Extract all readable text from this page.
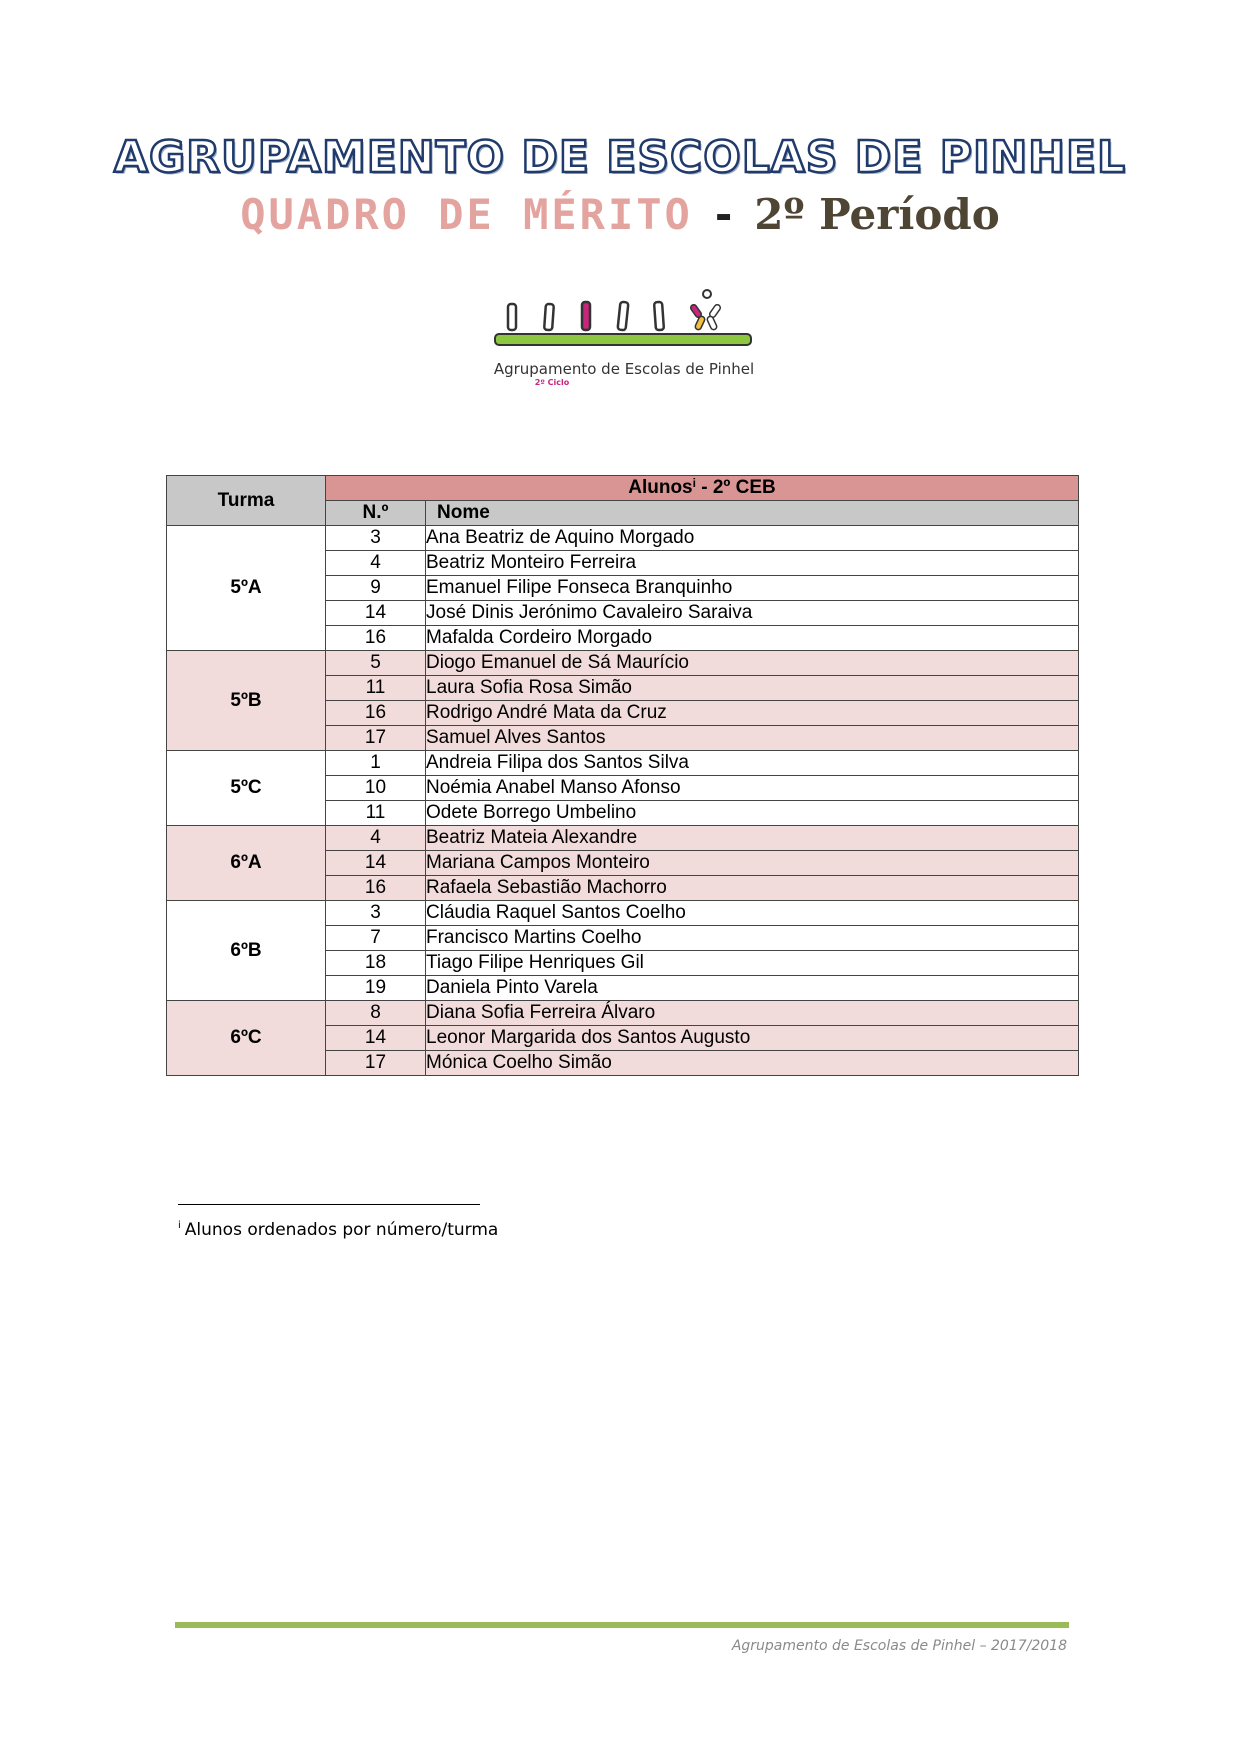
AGRUPAMENTO DE ESCOLAS DE PINHEL
QUADRO DE MÉRITO - 2º Período
Agrupamento de Escolas de Pinhel
2º Ciclo
Turma	Alunos$^i$ - 2º CEB	
	N.º	Nome
5ºA	3	Ana Beatriz de Aquino Morgado
	4	Beatriz Monteiro Ferreira
	9	Emanuel Filipe Fonseca Branquinho
	14	José Dinis Jerónimo Cavaleiro Saraiva
	16	Mafalda Cordeiro Morgado
5ºB	5	Diogo Emanuel de Sá Maurício
	11	Laura Sofia Rosa Simão
	16	Rodrigo André Mata da Cruz
	17	Samuel Alves Santos
5ºC	1	Andreia Filipa dos Santos Silva
	10	Noémia Anabel Manso Afonso
	11	Odete Borrego Umbelino
6ºA	4	Beatriz Mateia Alexandre
	14	Mariana Campos Monteiro
	16	Rafaela Sebastião Machorro
6ºB	3	Cláudia Raquel Santos Coelho
	7	Francisco Martins Coelho
	18	Tiago Filipe Henriques Gil
	19	Daniela Pinto Varela
6ºC	8	Diana Sofia Ferreira Álvaro
	14	Leonor Margarida dos Santos Augusto
	17	Mónica Coelho Simão
$^i$ Alunos ordenados por número/turma
Agrupamento de Escolas de Pinhel – 2017/2018
